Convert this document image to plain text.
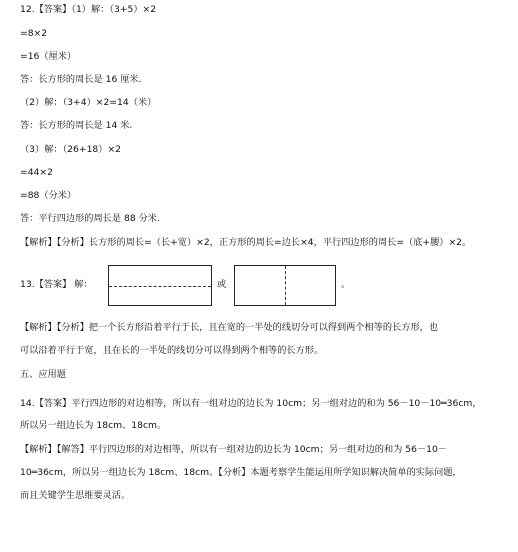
12.【答案】（1）解：（3+5）×2
=8×2
=16（厘米）
答：长方形的周长是 16 厘米.
（2）解：（3+4）×2=14（米）
答：长方形的周长是 14 米.
（3）解：（26+18）×2
=44×2
=88（分米）
答：平行四边形的周长是 88 分米.
【解析】【分析】长方形的周长=（长+宽）×2，正方形的周长=边长×4，平行四边形的周长=（底+腰）×2。
13.【答案】 解：	或	。
【解析】【分析】把一个长方形沿着平行于长，且在宽的一半处的线切分可以得到两个相等的长方形，也
可以沿着平行于宽，且在长的一半处的线切分可以得到两个相等的长方形。
五、应用题
14.【答案】平行四边形的对边相等，所以有一组对边的边长为 10cm；另一组对边的和为 56－10－10═36cm，
所以另一组边长为 18cm、18cm。
【解析】【解答】平行四边形的对边相等，所以有一组对边的边长为 10cm；另一组对边的和为 56－10－
10═36cm，所以另一组边长为 18cm、18cm。【分析】本题考察学生能运用所学知识解决简单的实际问题，
而且关键学生思维要灵活。
